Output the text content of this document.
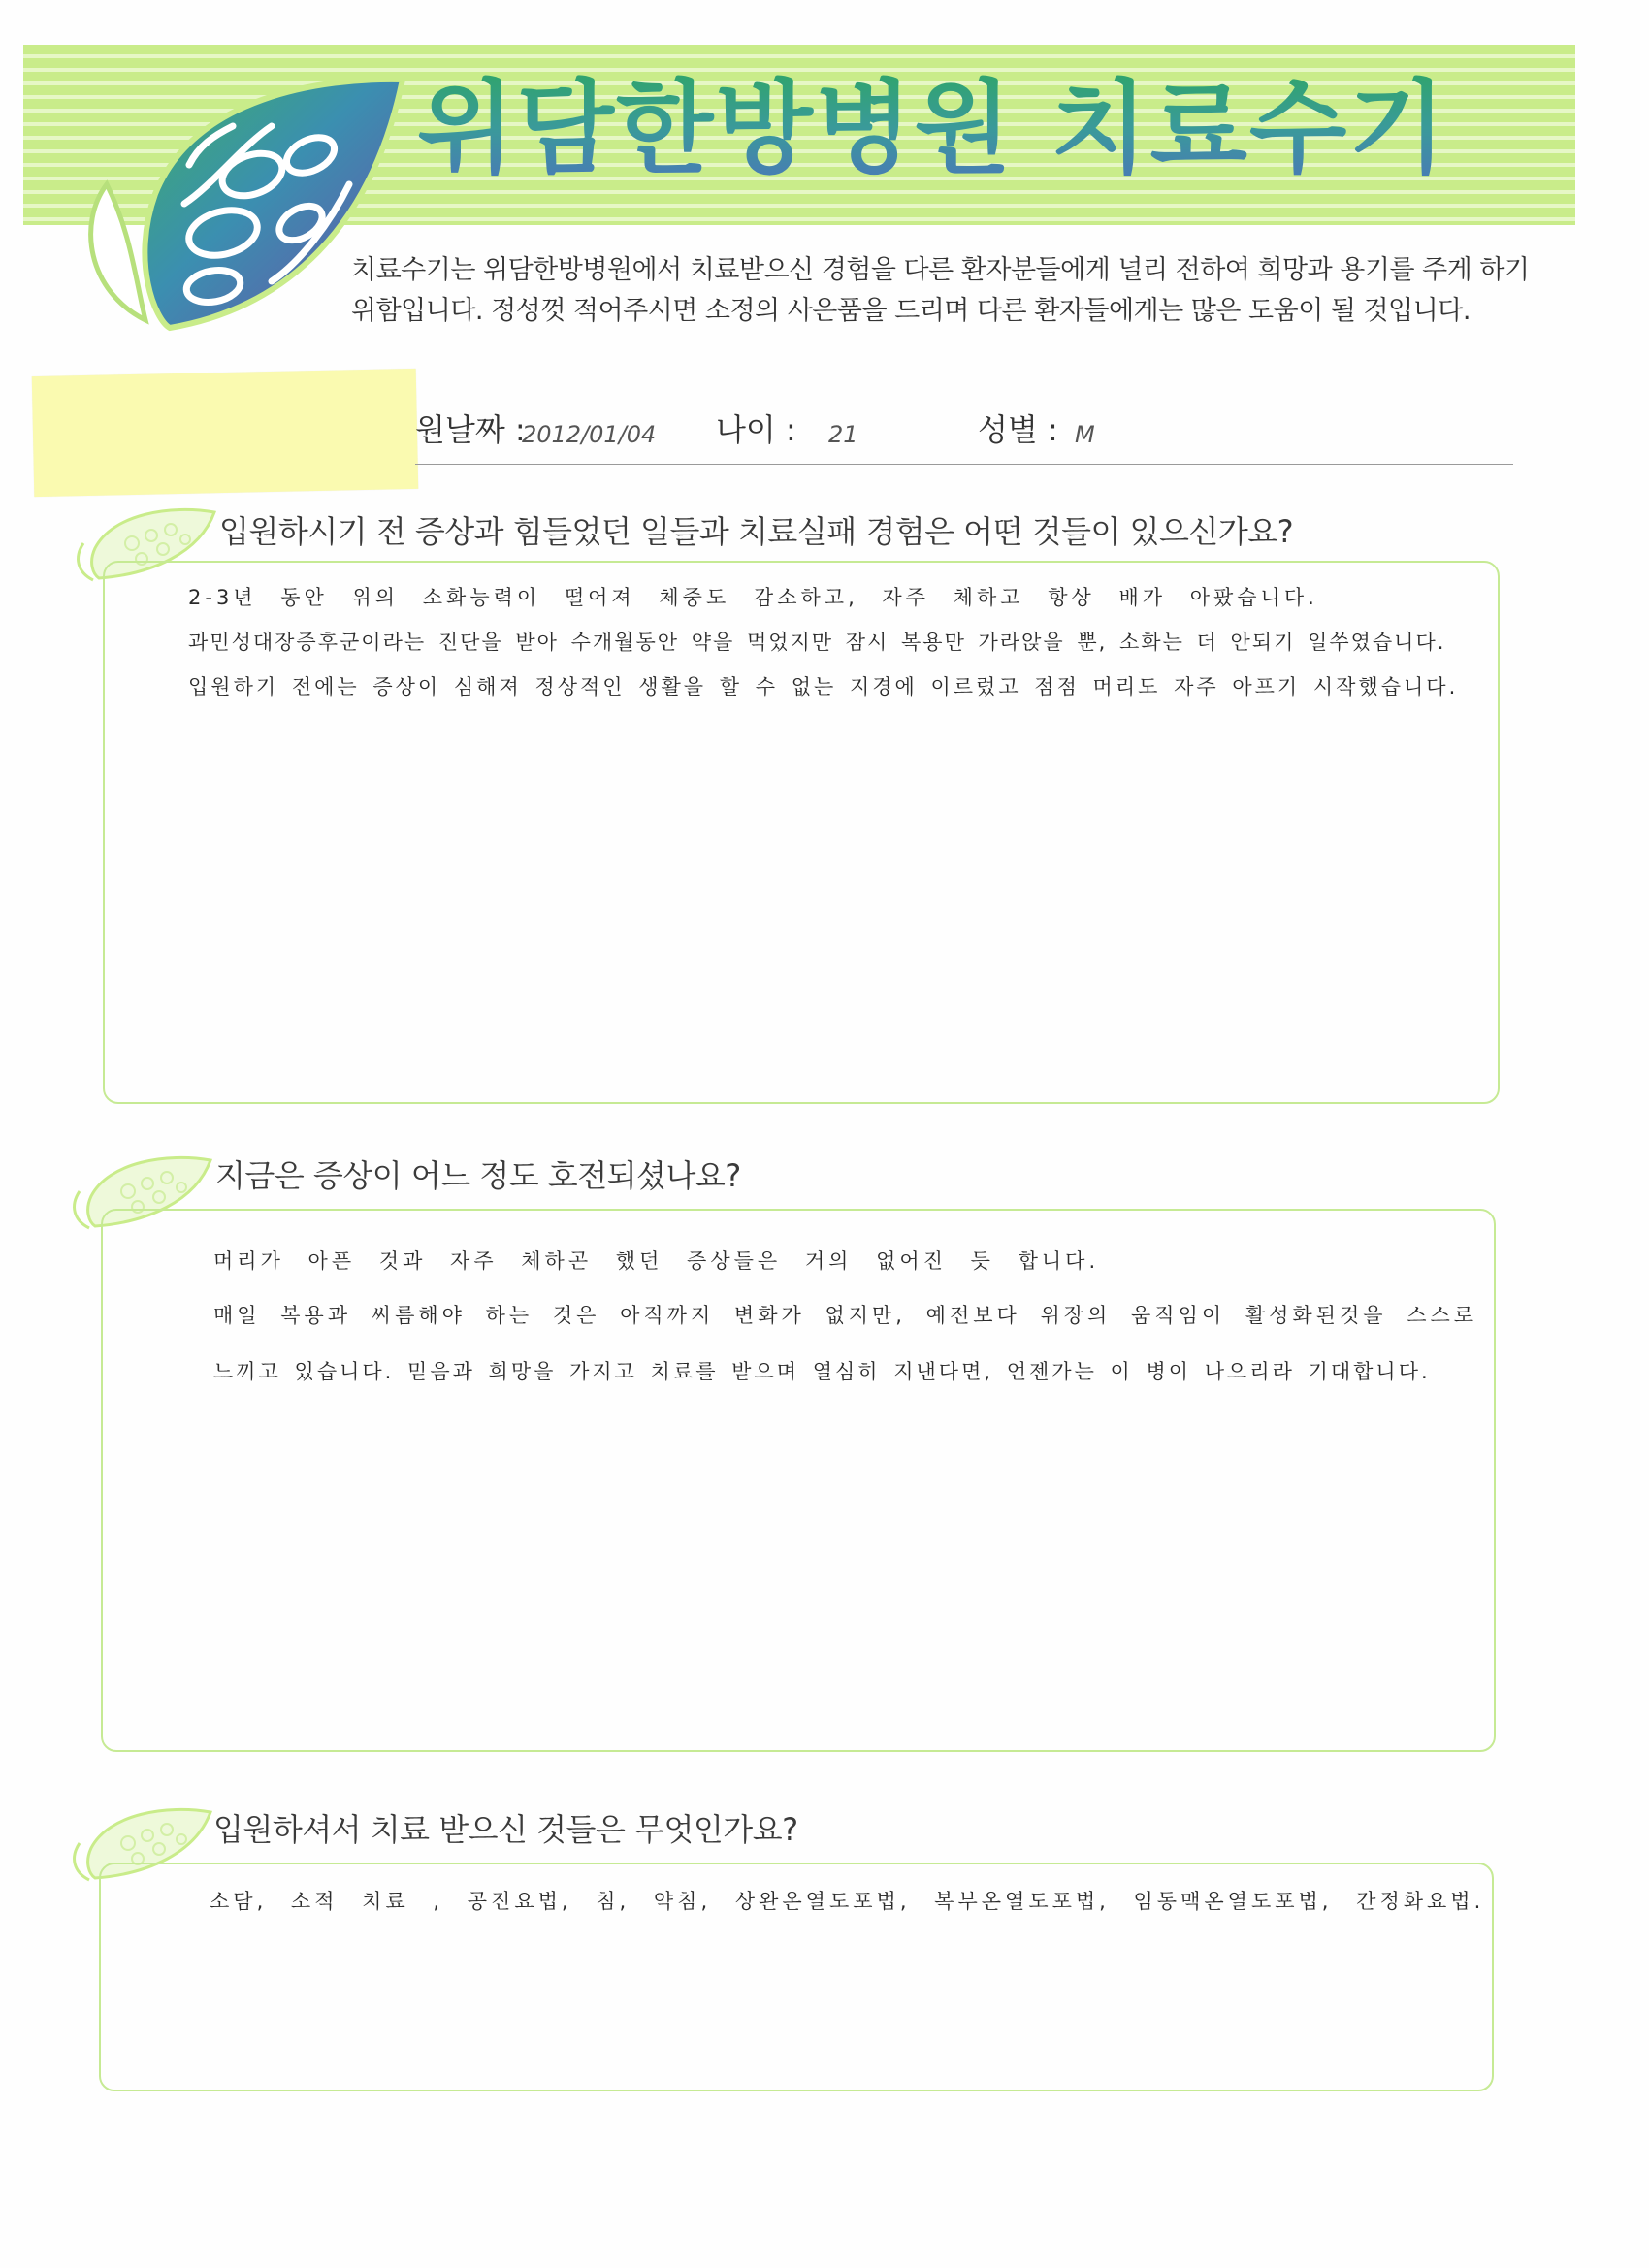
위담한방병원 치료수기
치료수기는 위담한방병원에서 치료받으신 경험을 다른 환자분들에게 널리 전하여 희망과 용기를 주게 하기
위함입니다. 정성껏 적어주시면 소정의 사은품을 드리며 다른 환자들에게는 많은 도움이 될 것입니다.
원날짜 :
2012/01/04 나이 : 21	성별 : M
입원하시기 전 증상과 힘들었던 일들과 치료실패 경험은 어떤 것들이 있으신가요?
2-3년 동안 위의 소화능력이 떨어져 체중도 감소하고, 자주 체하고 항상 배가 아팠습니다.
과민성대장증후군이라는 진단을 받아 수개월동안 약을 먹었지만 잠시 복용만 가라앉을 뿐, 소화는 더 안되기 일쑤였습니다.
입원하기 전에는 증상이 심해져 정상적인 생활을 할 수 없는 지경에 이르렀고 점점 머리도 자주 아프기 시작했습니다.
지금은 증상이 어느 정도 호전되셨나요?
머리가 아픈 것과 자주 체하곤 했던 증상들은 거의 없어진 듯 합니다.
매일 복용과 씨름해야 하는 것은 아직까지 변화가 없지만, 예전보다 위장의 움직임이 활성화된것을 스스로
느끼고 있습니다. 믿음과 희망을 가지고 치료를 받으며 열심히 지낸다면, 언젠가는 이 병이 나으리라 기대합니다.
입원하셔서 치료 받으신 것들은 무엇인가요?
소담, 소적 치료 , 공진요법, 침, 약침, 상완온열도포법, 복부온열도포법, 임동맥온열도포법, 간정화요법.
